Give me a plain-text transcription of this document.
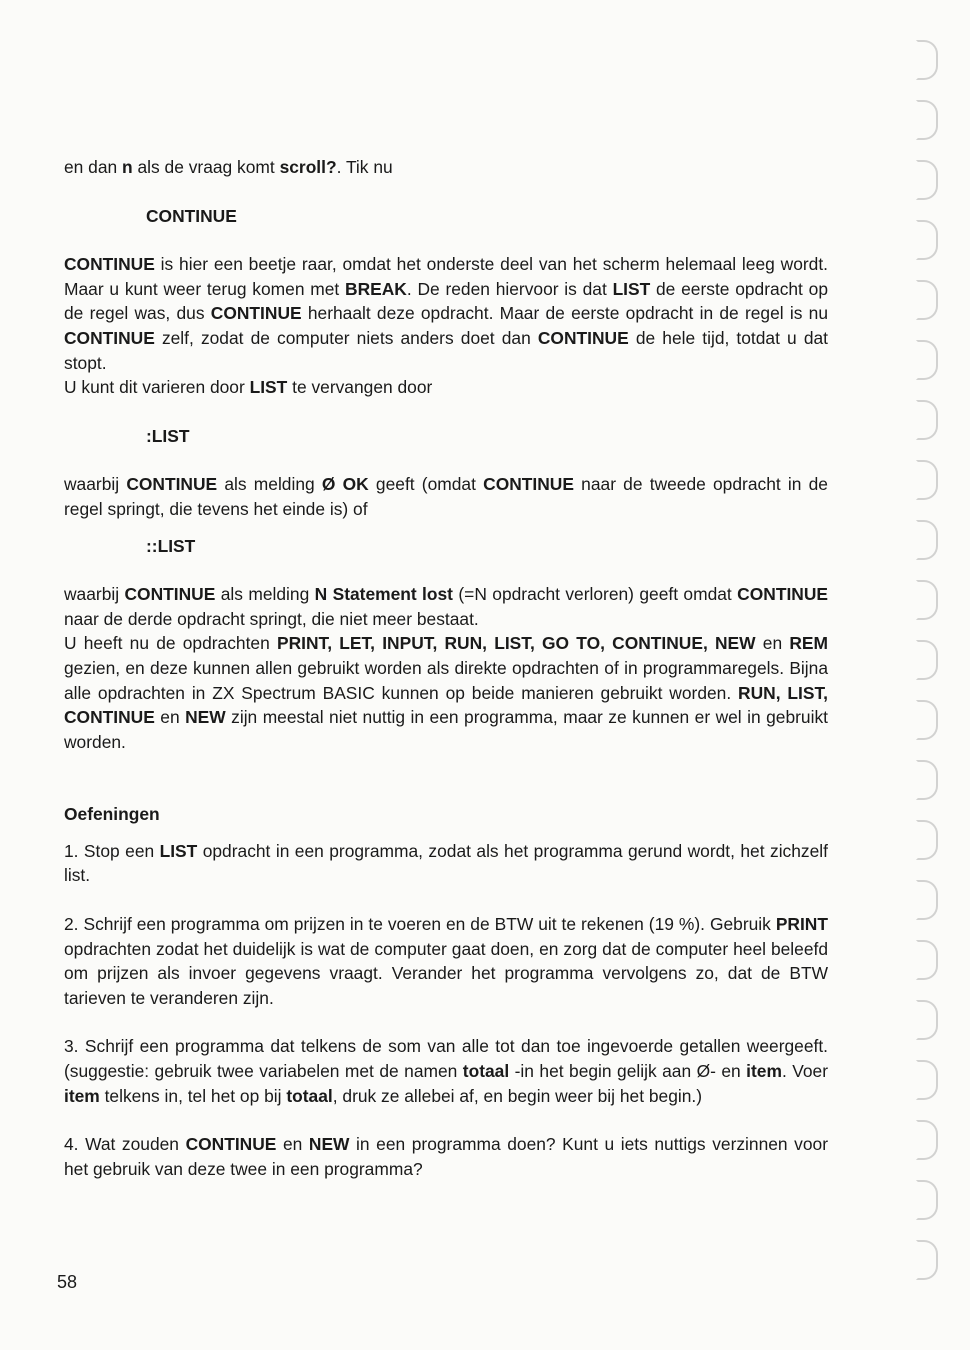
en dan n als de vraag komt scroll?. Tik nu

CONTINUE

CONTINUE is hier een beetje raar, omdat het onderste deel van het scherm helemaal leeg wordt. Maar u kunt weer terug komen met BREAK. De reden hiervoor is dat LIST de eerste opdracht op de regel was, dus CONTINUE herhaalt deze opdracht. Maar de eerste opdracht in de regel is nu CONTINUE zelf, zodat de computer niets anders doet dan CONTINUE de hele tijd, totdat u dat stopt.

U kunt dit varieren door LIST te vervangen door

:LIST

waarbij CONTINUE als melding Ø OK geeft (omdat CONTINUE naar de tweede opdracht in de regel springt, die tevens het einde is) of

::LIST

waarbij CONTINUE als melding N Statement lost (=N opdracht verloren) geeft omdat CONTINUE naar de derde opdracht springt, die niet meer bestaat.

U heeft nu de opdrachten PRINT, LET, INPUT, RUN, LIST, GO TO, CONTINUE, NEW en REM gezien, en deze kunnen allen gebruikt worden als direkte opdrachten of in programmaregels. Bijna alle opdrachten in ZX Spectrum BASIC kunnen op beide manieren gebruikt worden. RUN, LIST, CONTINUE en NEW zijn meestal niet nuttig in een programma, maar ze kunnen er wel in gebruikt worden.

Oefeningen

1. Stop een LIST opdracht in een programma, zodat als het programma gerund wordt, het zichzelf list.

2. Schrijf een programma om prijzen in te voeren en de BTW uit te rekenen (19 %). Gebruik PRINT opdrachten zodat het duidelijk is wat de computer gaat doen, en zorg dat de computer heel beleefd om prijzen als invoer gegevens vraagt. Verander het programma vervolgens zo, dat de BTW tarieven te veranderen zijn.

3. Schrijf een programma dat telkens de som van alle tot dan toe ingevoerde getallen weergeeft. (suggestie: gebruik twee variabelen met de namen totaal -in het begin gelijk aan Ø- en item. Voer item telkens in, tel het op bij totaal, druk ze allebei af, en begin weer bij het begin.)

4. Wat zouden CONTINUE en NEW in een programma doen? Kunt u iets nuttigs verzinnen voor het gebruik van deze twee in een programma?

58
